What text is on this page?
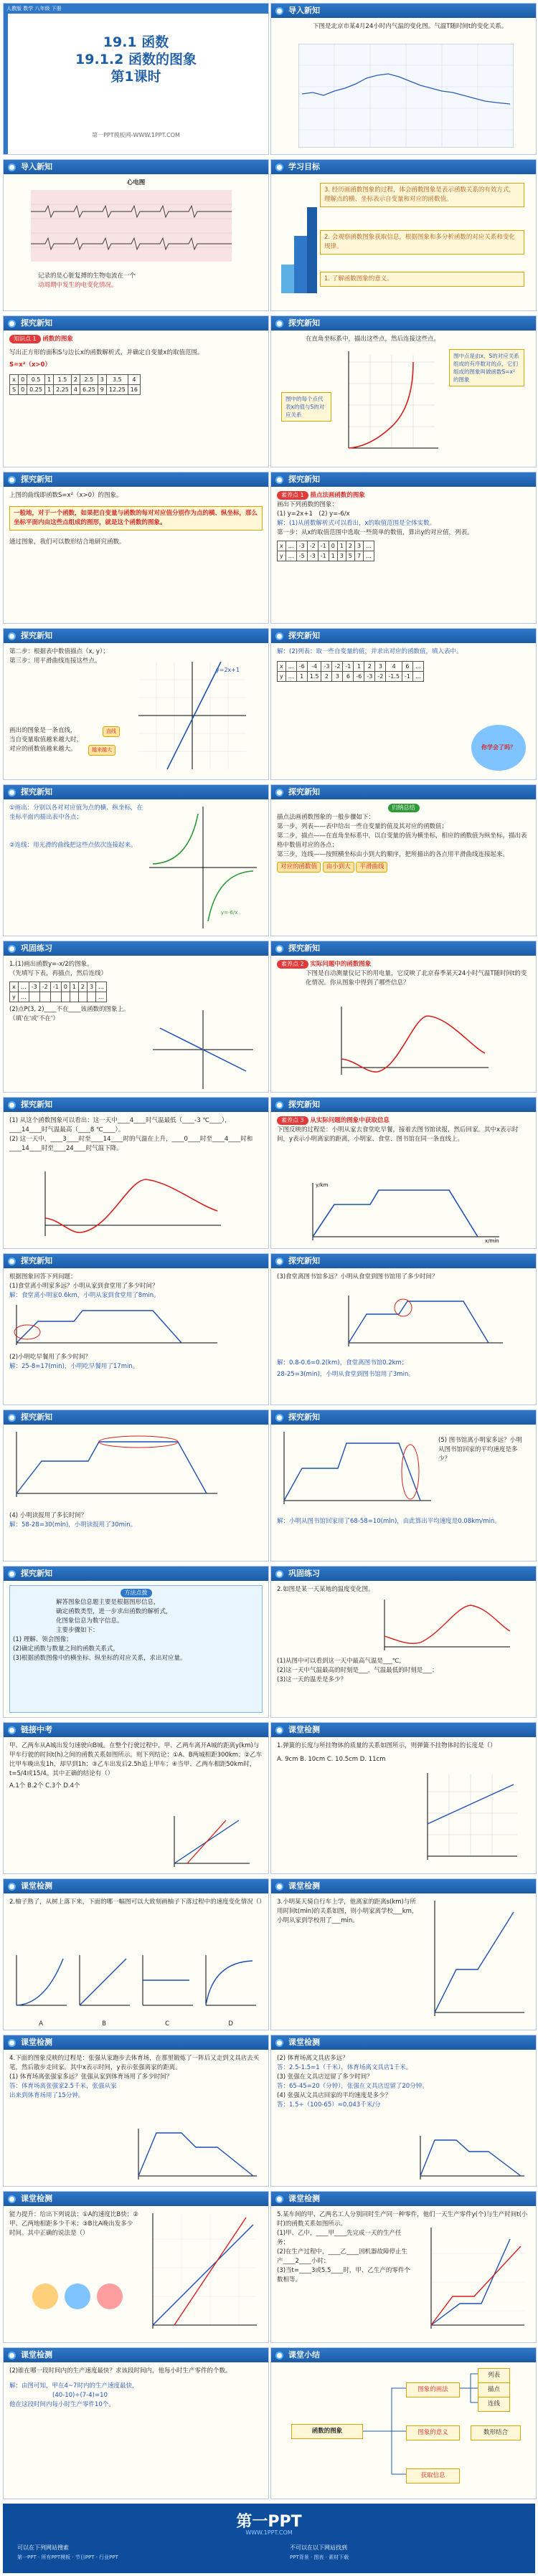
人教版 数学 八年级 下册
19.1 函数
19.1.2 函数的图象
第1课时
第一PPT模板网-WWW.1PPT.COM
导入新知
下图是北京市某4月24小时内气温的变化图。气温T随时间t的变化关系。
导入新知
心电图
记录的是心脏复搏的生物电流在一个
动周期中发生的电变化情况。
学习目标
3. 经历画函数图象的过程，体会函数图象是表示函数关系的有效方式，理解点的横、坐标表示自变量和对应的函数值。
2. 会观察函数图象获取信息，根据图象和多分析函数的对应关系和变化规律。
1. 了解函数图象的意义。
探究新知
知识点 1 函数的图象
写出正方形的面积S与边长x的函数解析式，并确定自变量x的取值范围。
S=x²（x>0）
x	0	0.5	1	1.5	2	2.5	3	3.5	4
S	0	0.25	1	2.25	4	6.25	9	12.25	16
探究新知
在直角坐标系中，描出这些点，然后连接这些点。
图中的每个点代表x的值与S的对应关系
图中点是由x，S的对应关系组成的有序数对的点，它们组成的图象叫做函数S=x²的图象
探究新知
上图的曲线即函数S=x²（x>0）的图象。
一般地，对于一个函数，如果把自变量与函数的每对对应值分别作为点的横、纵坐标，那么坐标平面内由这些点组成的图形，就是这个函数的图象。
通过图象，我们可以数形结合地研究函数。
探究新知
素养点 1 描点法画函数的图象
画出下列函数的图象：
(1) y=2x+1　 (2) y=-6/x
解：(1)从函数解析式可以看出，x的取值范围是全体实数。
第一步：从x的取值范围中选取一些简单的数值，算出y的对应值，列表。
x	…	-3	-2	-1	0	1	2	3	…
y	…	-5	-3	-1	1	3	5	7	…
探究新知
第二步：根据表中数值描点（x, y）；
第三步：用平滑曲线连接这些点。
y=2x+1
画出的图象是一条直线，
当自变量取值越来越大时，
对应的函数值越来越大。
直线
越来越大
探究新知
解：(2)列表：取一些自变量的值，并求出对应的函数值，填入表中。
x	…	-6	-4	-3	-2	-1	1	2	3	4	6	…
y	…	1	1.5	2	3	6	-6	-3	-2	-1.5	-1	…
你学会了吗？
探究新知
①画出：分别以各对对应值为点的横、纵坐标，在坐标平面内描出表中各点；
②连线：用光滑的曲线把这些点依次连接起来。
y=-6/x
探究新知
归纳总结
描点法画函数图象的一般步骤如下：
第一步，列表——表中给出一些自变量的值及其对应的函数值；
第二步，描点——在直角坐标系中，以自变量的值为横坐标，相应的函数值为纵坐标，描出表格中数值对应的各点；
第三步，连线——按照横坐标由小到大的顺序，把所描出的各点用平滑曲线连接起来。
对应的函数值 由小到大 平滑曲线
巩固练习
1.(1)画出函数y=-x/2的图象。
（先填写下表，再描点，然后连线）
x	…	-3	-2	-1	0	1	2	3	…
y	…								…
(2)点P(3, 2)____不在____该函数的图象上。（填'在'或'不在'）
探究新知
素养点 2 实际问题中的函数图象
下图是自动测量仪记下的用电量，它反映了北京春季某天24小时气温T随时间t的变化情况。你从图象中得到了哪些信息？
探究新知
(1) 从这个函数图象可以看出：这一天中____4____时气温最低（____-3 ℃____），____14____时气温最高（____8 ℃____）。
(2) 这一天中，____3____时至____14____时的气温在上升，____0____时至____4____时和____14____时至____24____时气温下降。
探究新知
素养点 3 从实际问题的图象中获取信息
下图反映的过程是：小明从家去食堂吃早餐，接着去图书馆读报，然后回家。其中x表示时间，y表示小明离家的距离，小明家、食堂、图书馆在同一条直线上。
x/min
y/km
探究新知
根据图象回答下列问题：
(1)食堂离小明家多远？小明从家到食堂用了多少时间？
解：食堂离小明家0.6km，小明从家到食堂用了8min。
(2)小明吃早餐用了多少时间？
解：25-8=17(min)，小明吃早餐用了17min。
探究新知
(3)食堂离图书馆多远？小明从食堂到图书馆用了多少时间？
解：0.8-0.6=0.2(km)，食堂离图书馆0.2km；
28-25=3(min)，小明从食堂到图书馆用了3min。
探究新知
(4) 小明读报用了多长时间？
解：58-28=30(min)，小明读报用了30min。
探究新知
(5) 图书馆离小明家多远？小明从图书馆回家的平均速度是多少？
解：小明从图书馆回家用了68-58=10(min)，由此算出平均速度是0.08km/min。
探究新知
方法点拨
解答图象信息题主要是根据图形信息，
确定函数类型，进一步求出函数的解析式，
化图象信息为数字信息。
主要步骤如下：
(1) 理解、领会图像；
(2)确定函数与数量之间的函数关系式，
(3)根据函数图像中的横坐标、纵坐标的对应关系，求出对应量。
巩固练习
2.如图是某一天某地的温度变化图。
(1)从图中可以看到这一天中最高气温是___℃，
(2)这一天中气温最高的时刻是___，气温最低的时刻是___；
(3)这一天的温差是多少？
链接中考
甲、乙两车从A城出发匀速驶向B城。在整个行驶过程中，甲、乙两车离开A城的距离y(km)与甲车行驶的时间t(h)之间的函数关系如图所示。则下列结论：①A、B两城相距300km；②乙车比甲车晚出发1h，却早到1h；③乙车出发后2.5h追上甲车；④当甲、乙两车相距50km时，t=5/4或15/4。其中正确的结论有（）
A.1个 B.2个 C.3个 D.4个
课堂检测
1.弹簧的长度与所挂物体的质量的关系如图所示，则弹簧不挂物体时的长度是（）
A. 9cm B. 10cm C. 10.5cm D. 11cm
课堂检测
2.柚子熟了，从树上落下来，下面的哪一幅图可以大致刻画柚子下落过程中的速度变化情况（）
A	B	C	D
课堂检测
3.小明某天骑自行车上学，他离家的距离s(km)与所用时间t(min)的关系如图，则小明家离学校___km，小明从家到学校用了___min。
课堂检测
4.下面的图象反映的过程是：张强从家跑步去体育场，在那里锻炼了一阵后又走到文具店去买笔，然后散步走回家。其中x表示时间，y表示张强离家的距离。
(1) 体育场离张强家多远？张强从家到体育场用了多少时间？
答：体育场离张强家2.5千米，张强从家出来到体育场用了15分钟。
课堂检测
(2) 体育场离文具店多远？
答：2.5-1.5=1（千米），体育场离文具店1千米。
(3) 张强在文具店逗留了多少时间？
答：65-45=20（分钟），张强在文具店逗留了20分钟。
(4) 张强从文具店回家的平均速度是多少？
答：1.5÷（100-65）≈0.043千米/分
课堂检测
能力提升：给出下列说法：①A的速度比B快；②甲、乙两地相距多少千米；③B比A晚出发多少时间。其中正确的说法是（）
课堂检测
5.某车间的甲、乙两名工人分别同时生产同一种零件，他们一天生产零件y(个)与生产时间t(小时)的函数关系如图所示。
(1)甲、乙中，____甲____先完成一天的生产任务；
(2)在生产过程中，____乙____因机器故障停止生产____2____小时；
(3)当t=____3或5.5____时，甲、乙生产的零件个数相等。
课堂检测
(2)谁在哪一段时间内的生产速度最快？求该段时间内，他每小时生产零件的个数。
解：由图可知，甲在4~7时内的生产速度最快，
(40-10)÷(7-4)=10
他在这段时间内每小时生产零件10个。
课堂小结
函数的图象
图象的画法
图象的意义
获取信息
列表
描点
连线
数形结合
第一PPT
WWW.1PPT.COM
可以在下列网站搜索
第一PPT · 所有PPT模板 · 节日PPT · 行业PPT
不可以在以下网站找到
PPT背景 · 图表 · 素材下载
